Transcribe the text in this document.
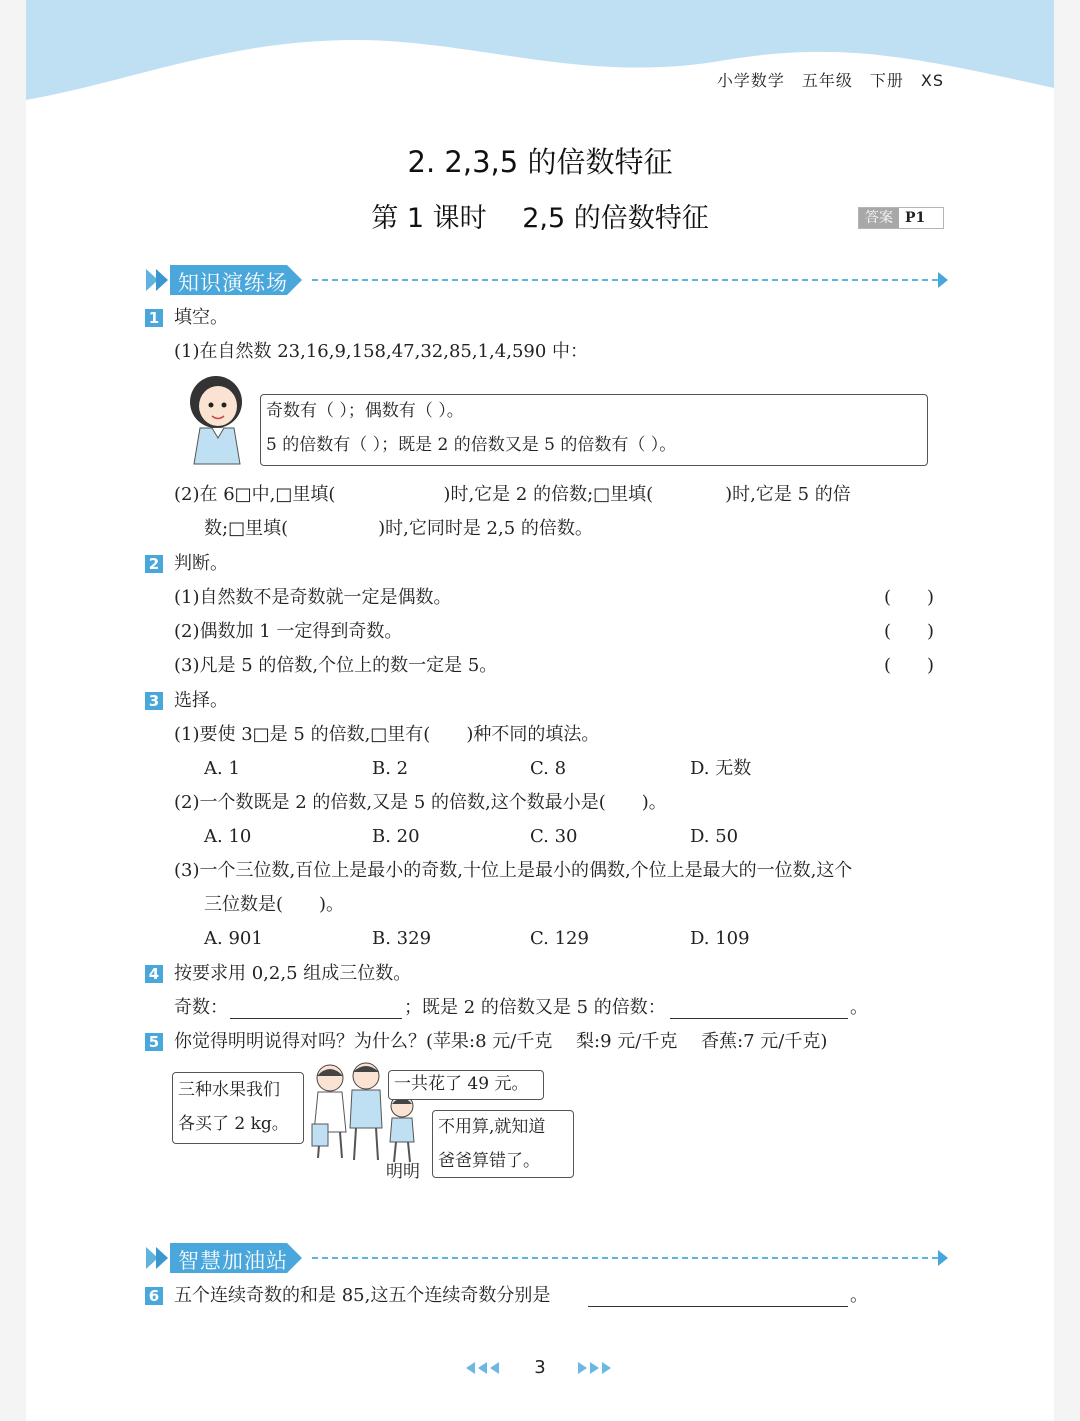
小学数学　五年级　下册　XS
2. 2,3,5 的倍数特征
第 1 课时　 2,5 的倍数特征	答案 P1
知识演练场
1 填空。
(1)在自然数 23,16,9,158,47,32,85,1,4,590 中：
奇数有（ ）；偶数有（ ）。
5 的倍数有（ ）；既是 2 的倍数又是 5 的倍数有（ ）。
(2)在 6□中,□里填(　　　　　　)时,它是 2 的倍数;□里填(　　　　)时,它是 5 的倍
数;□里填(　　　　　)时,它同时是 2,5 的倍数。
2 判断。
(1)自然数不是奇数就一定是偶数。	(　　)
(2)偶数加 1 一定得到奇数。	(　　)
(3)凡是 5 的倍数,个位上的数一定是 5。	(　　)
3 选择。
(1)要使 3□是 5 的倍数,□里有(　　)种不同的填法。
A. 1	B. 2	C. 8	D. 无数
(2)一个数既是 2 的倍数,又是 5 的倍数,这个数最小是(　　)。
A. 10	B. 20	C. 30	D. 50
(3)一个三位数,百位上是最小的奇数,十位上是最小的偶数,个位上是最大的一位数,这个
三位数是(　　)。
A. 901	B. 329	C. 129	D. 109
4 按要求用 0,2,5 组成三位数。
奇数：	；既是 2 的倍数又是 5 的倍数：	。
5 你觉得明明说得对吗？为什么？(苹果:8 元/千克　 梨:9 元/千克　 香蕉:7 元/千克)
三种水果我们
各买了 2 kg。
明明
一共花了 49 元。
不用算,就知道
爸爸算错了。
智慧加油站
6 五个连续奇数的和是 85,这五个连续奇数分别是	。
3
